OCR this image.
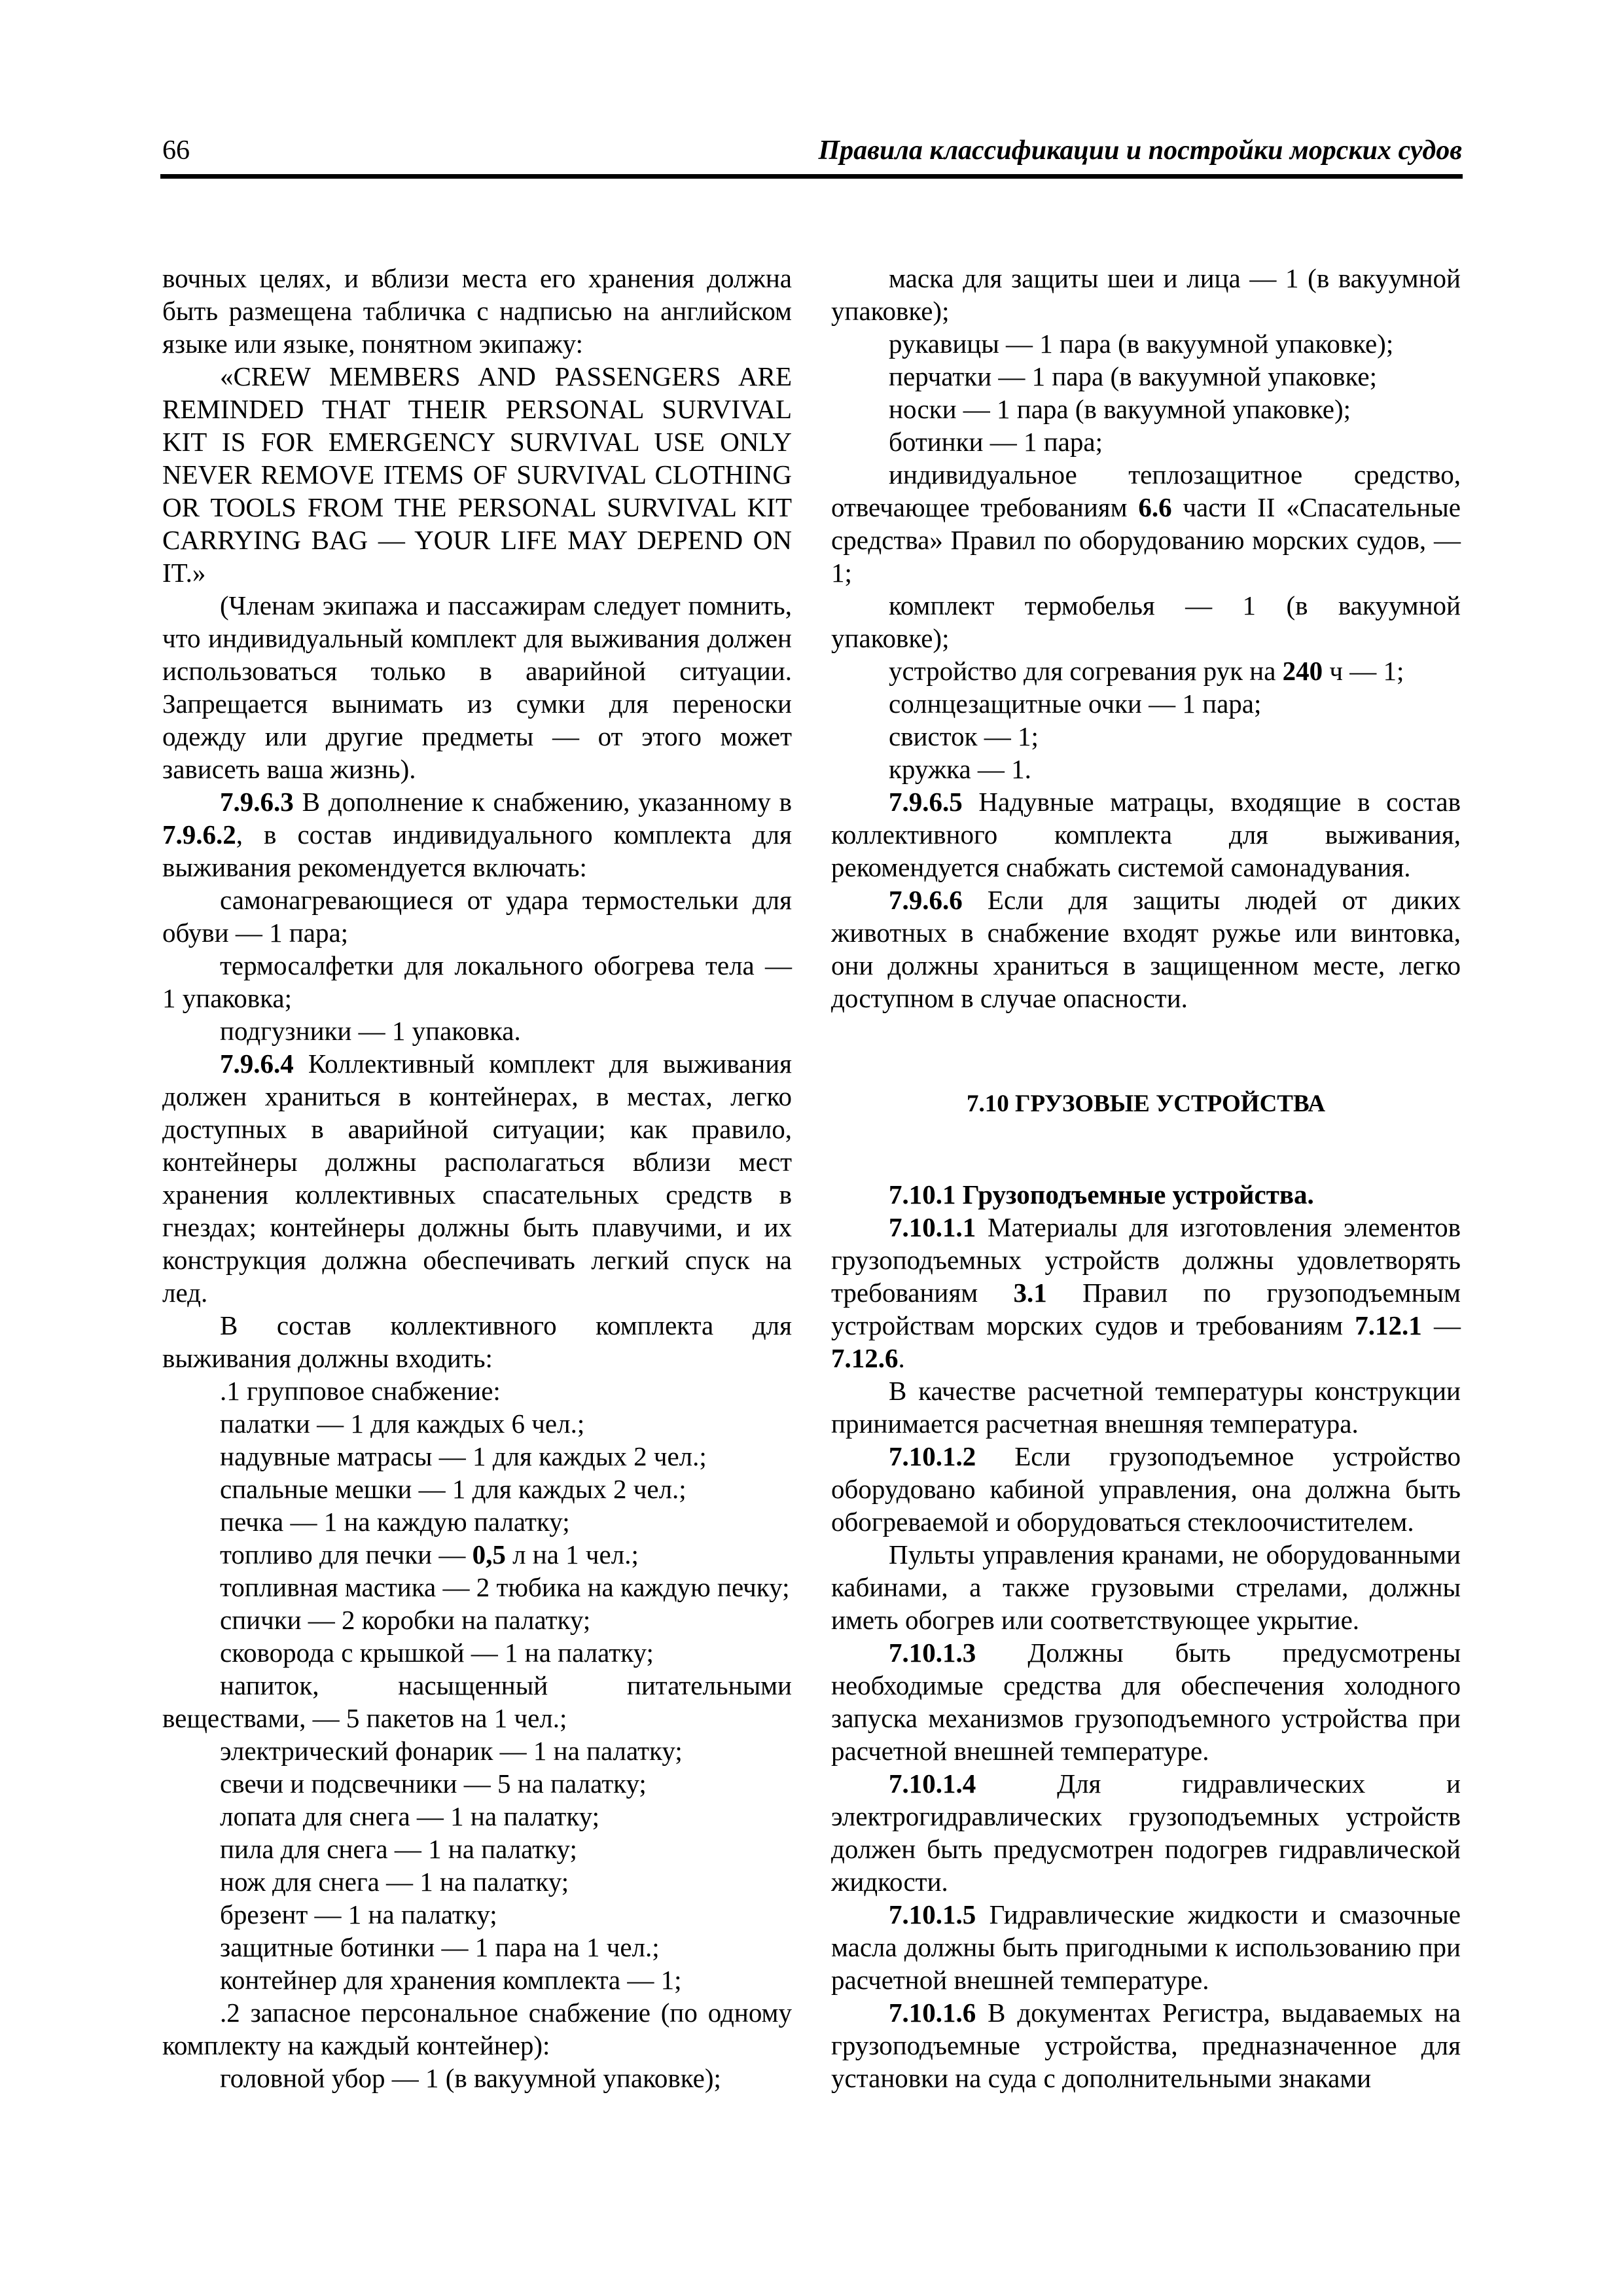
66	Правила классификации и постройки морских судов

вочных целях, и вблизи места его хранения должна быть размещена табличка с надписью на английском языке или языке, понятном экипажу:

«CREW MEMBERS AND PASSENGERS ARE REMINDED THAT THEIR PERSONAL SURVIVAL KIT IS FOR EMERGENCY SURVIVAL USE ONLY NEVER REMOVE ITEMS OF SURVIVAL CLOTHING OR TOOLS FROM THE PERSONAL SURVIVAL KIT CARRYING BAG — YOUR LIFE MAY DEPEND ON IT.»

(Членам экипажа и пассажирам следует помнить, что индивидуальный комплект для выживания должен использоваться только в аварийной ситуации. Запрещается вынимать из сумки для переноски одежду или другие предметы — от этого может зависеть ваша жизнь).

7.9.6.3 В дополнение к снабжению, указанному в 7.9.6.2, в состав индивидуального комплекта для выживания рекомендуется включать:

самонагревающиеся от удара термостельки для обуви — 1 пара;

термосалфетки для локального обогрева тела — 1 упаковка;

подгузники — 1 упаковка.

7.9.6.4 Коллективный комплект для выживания должен храниться в контейнерах, в местах, легко доступных в аварийной ситуации; как правило, контейнеры должны располагаться вблизи мест хранения коллективных спасательных средств в гнездах; контейнеры должны быть плавучими, и их конструкция должна обеспечивать легкий спуск на лед.

В состав коллективного комплекта для выживания должны входить:

.1 групповое снабжение:

палатки — 1 для каждых 6 чел.;

надувные матрасы — 1 для каждых 2 чел.;

спальные мешки — 1 для каждых 2 чел.;

печка — 1 на каждую палатку;

топливо для печки — 0,5 л на 1 чел.;

топливная мастика — 2 тюбика на каждую печку;

спички — 2 коробки на палатку;

сковорода с крышкой — 1 на палатку;

напиток, насыщенный питательными веществами, — 5 пакетов на 1 чел.;

электрический фонарик — 1 на палатку;

свечи и подсвечники — 5 на палатку;

лопата для снега — 1 на палатку;

пила для снега — 1 на палатку;

нож для снега — 1 на палатку;

брезент — 1 на палатку;

защитные ботинки — 1 пара на 1 чел.;

контейнер для хранения комплекта — 1;

.2 запасное персональное снабжение (по одному комплекту на каждый контейнер):

головной убор — 1 (в вакуумной упаковке);

маска для защиты шеи и лица — 1 (в вакуумной упаковке);

рукавицы — 1 пара (в вакуумной упаковке);

перчатки — 1 пара (в вакуумной упаковке;

носки — 1 пара (в вакуумной упаковке);

ботинки — 1 пара;

индивидуальное теплозащитное средство, отвечающее требованиям 6.6 части II «Спасательные средства» Правил по оборудованию морских судов, — 1;

комплект термобелья — 1 (в вакуумной упаковке);

устройство для согревания рук на 240 ч — 1;

солнцезащитные очки — 1 пара;

свисток — 1;

кружка — 1.

7.9.6.5 Надувные матрацы, входящие в состав коллективного комплекта для выживания, рекомендуется снабжать системой самонадувания.

7.9.6.6 Если для защиты людей от диких животных в снабжение входят ружье или винтовка, они должны храниться в защищенном месте, легко доступном в случае опасности.

7.10 ГРУЗОВЫЕ УСТРОЙСТВА

7.10.1 Грузоподъемные устройства.

7.10.1.1 Материалы для изготовления элементов грузоподъемных устройств должны удовлетворять требованиям 3.1 Правил по грузоподъемным устройствам морских судов и требованиям 7.12.1 — 7.12.6.

В качестве расчетной температуры конструкции принимается расчетная внешняя температура.

7.10.1.2 Если грузоподъемное устройство оборудовано кабиной управления, она должна быть обогреваемой и оборудоваться стеклоочистителем.

Пульты управления кранами, не оборудованными кабинами, а также грузовыми стрелами, должны иметь обогрев или соответствующее укрытие.

7.10.1.3 Должны быть предусмотрены необходимые средства для обеспечения холодного запуска механизмов грузоподъемного устройства при расчетной внешней температуре.

7.10.1.4 Для гидравлических и электрогидравлических грузоподъемных устройств должен быть предусмотрен подогрев гидравлической жидкости.

7.10.1.5 Гидравлические жидкости и смазочные масла должны быть пригодными к использованию при расчетной внешней температуре.

7.10.1.6 В документах Регистра, выдаваемых на грузоподъемные устройства, предназначенное для установки на суда с дополнительными знаками
